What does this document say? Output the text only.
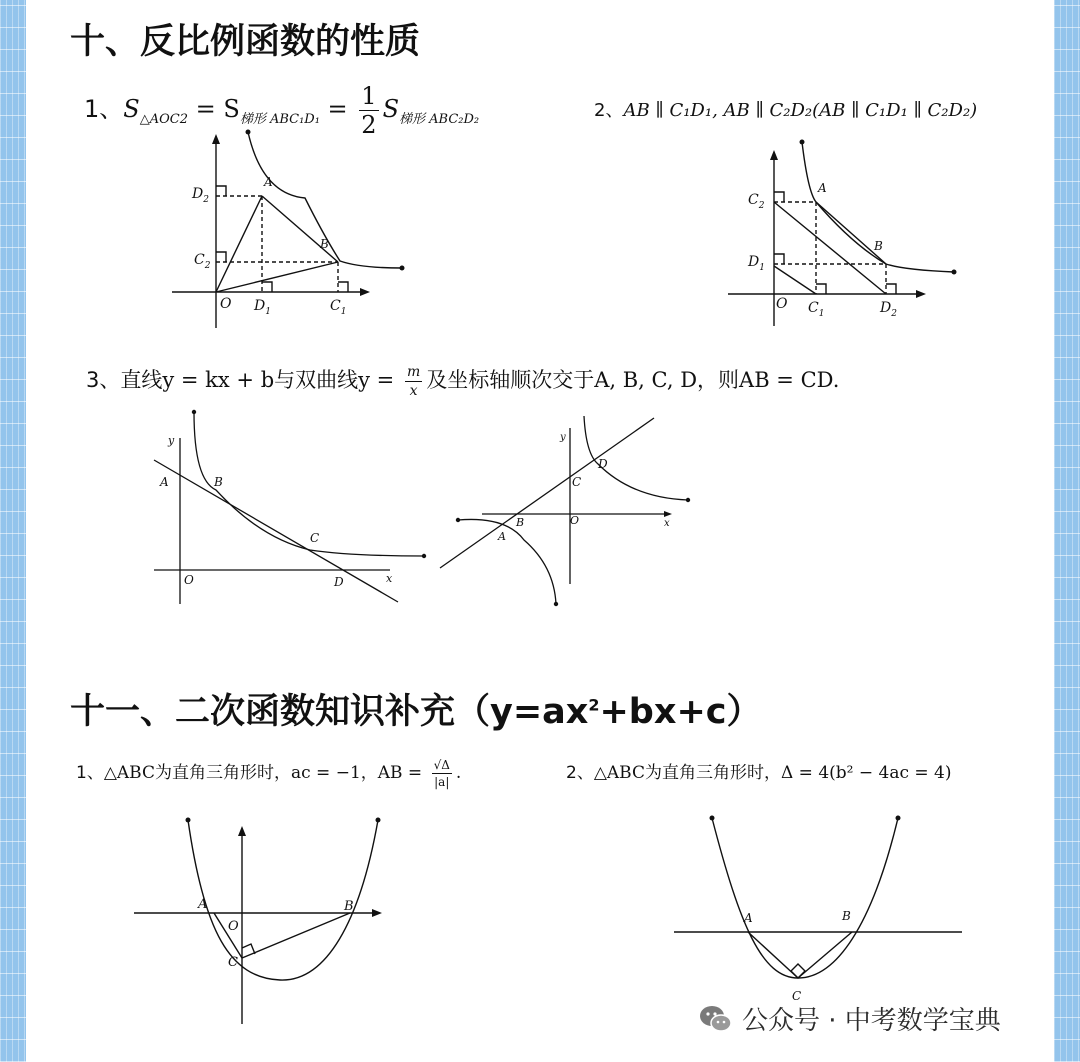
十、反比例函数的性质
1、$S_{\triangle AOC2} = S_{梯形 ABC_1D_1} = \frac{1}{2} S_{梯形 ABC_2D_2}$	2、AB ∥ C₁D₁, AB ∥ C₂D₂(AB ∥ C₁D₁ ∥ C₂D₂)
$D_2$
A
B
$C_2$
O $D_1$	$C_1$
$C_2$
A
B
$D_1$
O $C_1$	$D_2$
3、直线y = kx + b与双曲线$y = \frac{m}{x}$ 及坐标轴顺次交于A, B, C, D，则AB = CD.
y
A	B
C
O	D	x
y
D
C
O
B
A
x
十一、二次函数知识补充$(y=ax^2+bx+c)$
1、△ABC为直角三角形时，ac = −1，AB = $\frac{√\Delta}{|a|}$ .	2、△ABC为直角三角形时，Δ = 4(b² − 4ac = 4)
A
O
B
C
A	B
C
公众号 · 中考数学宝典
